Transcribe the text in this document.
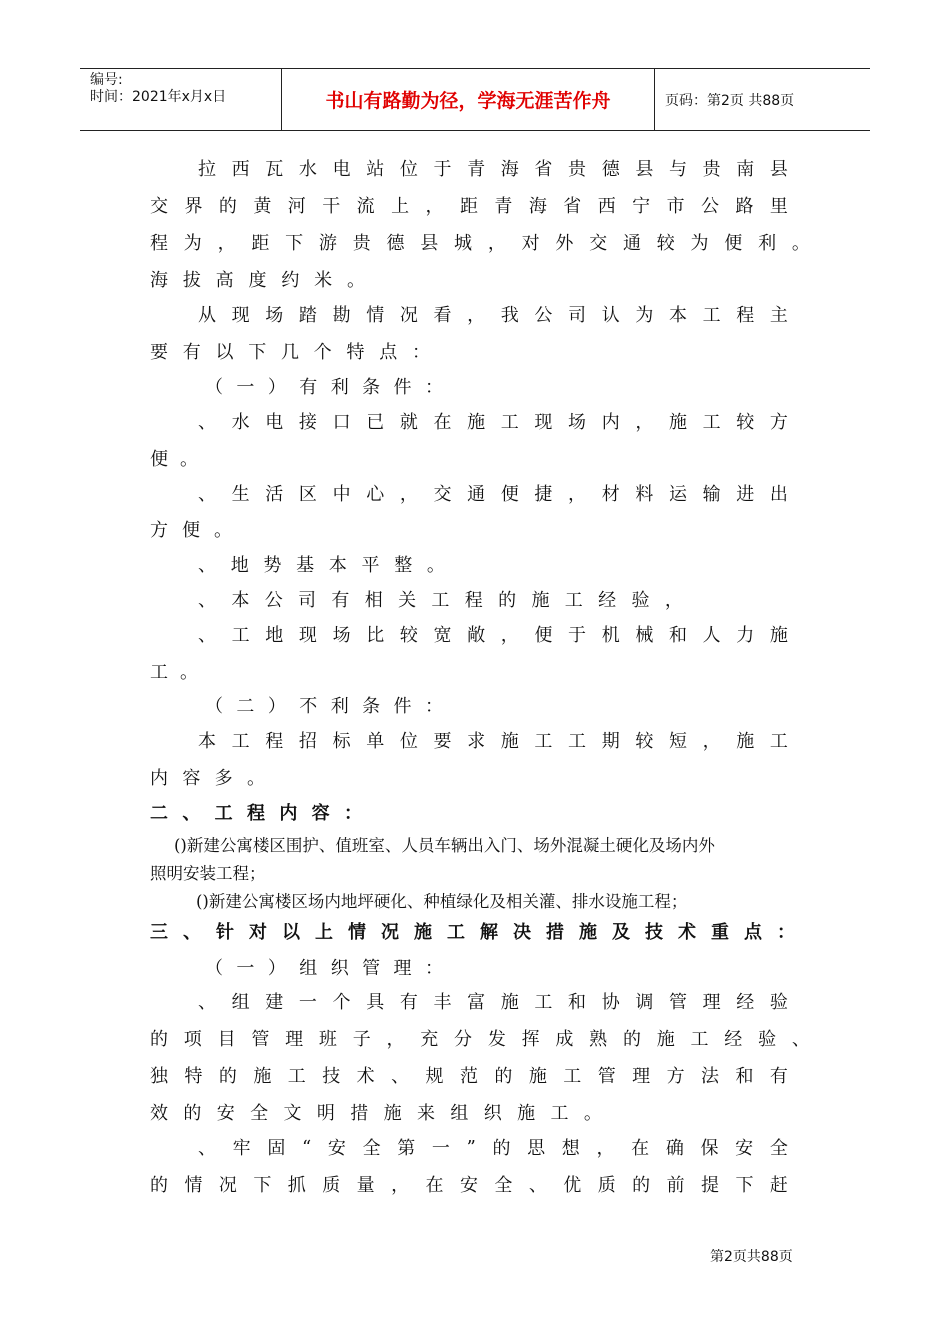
编号:
时间：2021年x月x日	书山有路勤为径，学海无涯苦作舟	页码：第2页 共88页
拉 西 瓦 水 电 站 位 于 青 海 省 贵 德 县 与 贵 南 县
交 界 的 黄 河 干 流 上 ， 距 青 海 省 西 宁 市 公 路 里
程 为 ， 距 下 游 贵 德 县 城 ， 对 外 交 通 较 为 便 利 。
海 拔 高 度 约 米 。
从 现 场 踏 勘 情 况 看 ， 我 公 司 认 为 本 工 程 主
要 有 以 下 几 个 特 点 ：
（ 一 ） 有 利 条 件 ：
、 水 电 接 口 已 就 在 施 工 现 场 内 ， 施 工 较 方
便 。
、 生 活 区 中 心 ， 交 通 便 捷 ， 材 料 运 输 进 出
方 便 。
、 地 势 基 本 平 整 。
、 本 公 司 有 相 关 工 程 的 施 工 经 验 ，
、 工 地 现 场 比 较 宽 敞 ， 便 于 机 械 和 人 力 施
工 。
（ 二 ） 不 利 条 件 ：
本 工 程 招 标 单 位 要 求 施 工 工 期 较 短 ， 施 工
内 容 多 。
二 、 工 程 内 容 ：
()新建公寓楼区围护、值班室、人员车辆出入门、场外混凝土硬化及场内外
照明安装工程；
()新建公寓楼区场内地坪硬化、种植绿化及相关灌、排水设施工程；
三 、 针 对 以 上 情 况 施 工 解 决 措 施 及 技 术 重 点 ：
（ 一 ） 组 织 管 理 ：
、 组 建 一 个 具 有 丰 富 施 工 和 协 调 管 理 经 验
的 项 目 管 理 班 子 ， 充 分 发 挥 成 熟 的 施 工 经 验 、
独 特 的 施 工 技 术 、 规 范 的 施 工 管 理 方 法 和 有
效 的 安 全 文 明 措 施 来 组 织 施 工 。
、 牢 固 “ 安 全 第 一 ” 的 思 想 ， 在 确 保 安 全
的 情 况 下 抓 质 量 ， 在 安 全 、 优 质 的 前 提 下 赶
第2页共88页
